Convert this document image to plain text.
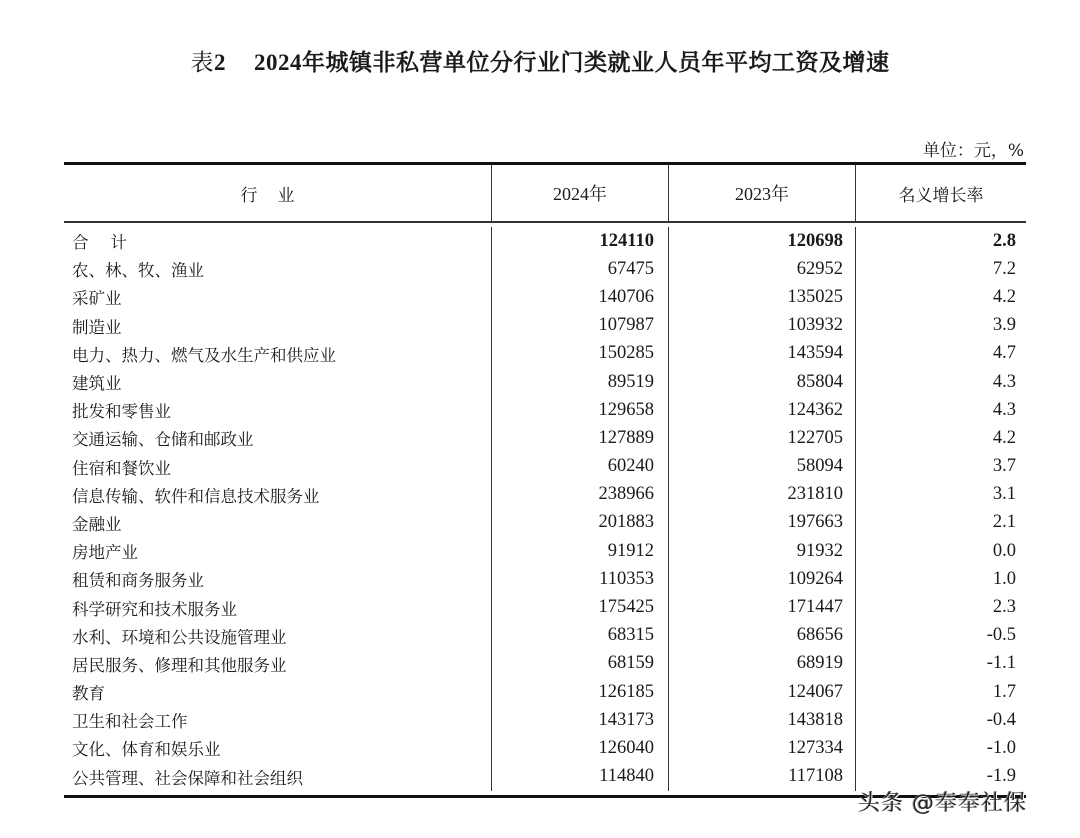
表2 2024年城镇非私营单位分行业门类就业人员年平均工资及增速
单位：元，%
行业	2024年	2023年	名义增长率
合计	124110	120698	2.8
农、林、牧、渔业	67475	62952	7.2
采矿业	140706	135025	4.2
制造业	107987	103932	3.9
电力、热力、燃气及水生产和供应业	150285	143594	4.7
建筑业	89519	85804	4.3
批发和零售业	129658	124362	4.3
交通运输、仓储和邮政业	127889	122705	4.2
住宿和餐饮业	60240	58094	3.7
信息传输、软件和信息技术服务业	238966	231810	3.1
金融业	201883	197663	2.1
房地产业	91912	91932	0.0
租赁和商务服务业	110353	109264	1.0
科学研究和技术服务业	175425	171447	2.3
水利、环境和公共设施管理业	68315	68656	-0.5
居民服务、修理和其他服务业	68159	68919	-1.1
教育	126185	124067	1.7
卫生和社会工作	143173	143818	-0.4
文化、体育和娱乐业	126040	127334	-1.0
公共管理、社会保障和社会组织	114840	117108	-1.9
头条 @奉奉社保
